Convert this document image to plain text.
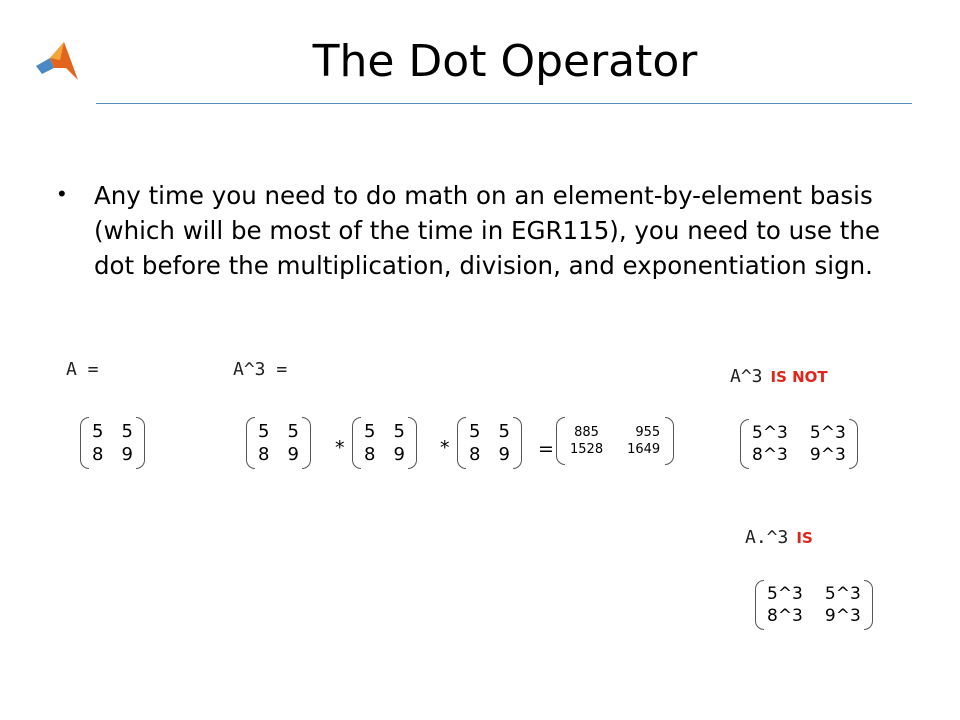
The Dot Operator
• Any time you need to do math on an element-by-element basis (which will be most of the time in EGR115), you need to use the dot before the multiplication, division, and exponentiation sign.
A =
5 5
8 9
A^3 =
5 5
8 9 *
5 5
8 9 *
5 5
8 9 =
885	955
1528 1649
A^3 IS NOT
5^3 5^3
8^3 9^3
A.^3 IS
5^3 5^3
8^3 9^3
